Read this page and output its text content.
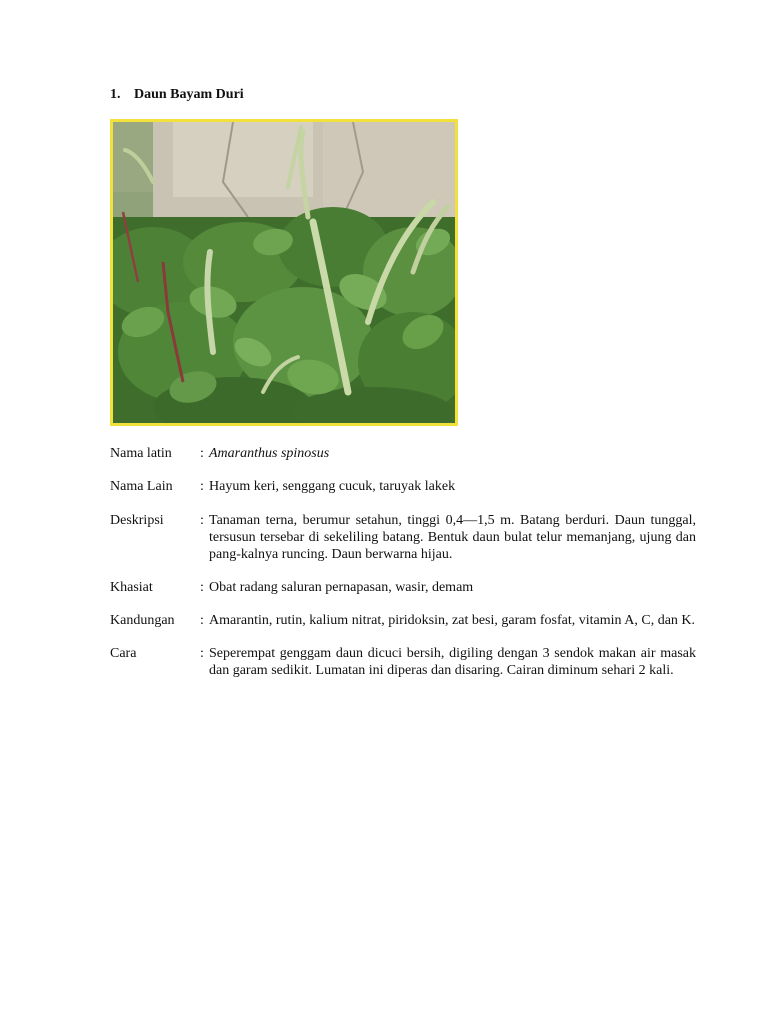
1. Daun Bayam Duri
Nama latin	: Amaranthus spinosus
Nama Lain	: Hayum keri, senggang cucuk, taruyak lakek
Deskripsi	: Tanaman terna, berumur setahun, tinggi 0,4—1,5 m. Batang berduri. Daun tunggal, tersusun tersebar di sekeliling batang. Bentuk daun bulat telur memanjang, ujung dan pang-kalnya runcing. Daun berwarna hijau.
Khasiat	: Obat radang saluran pernapasan, wasir, demam
Kandungan	: Amarantin, rutin, kalium nitrat, piridoksin, zat besi, garam fosfat, vitamin A, C, dan K.
Cara	: Seperempat genggam daun dicuci bersih, digiling dengan 3 sendok makan air masak dan garam sedikit. Lumatan ini diperas dan disaring. Cairan diminum sehari 2 kali.
